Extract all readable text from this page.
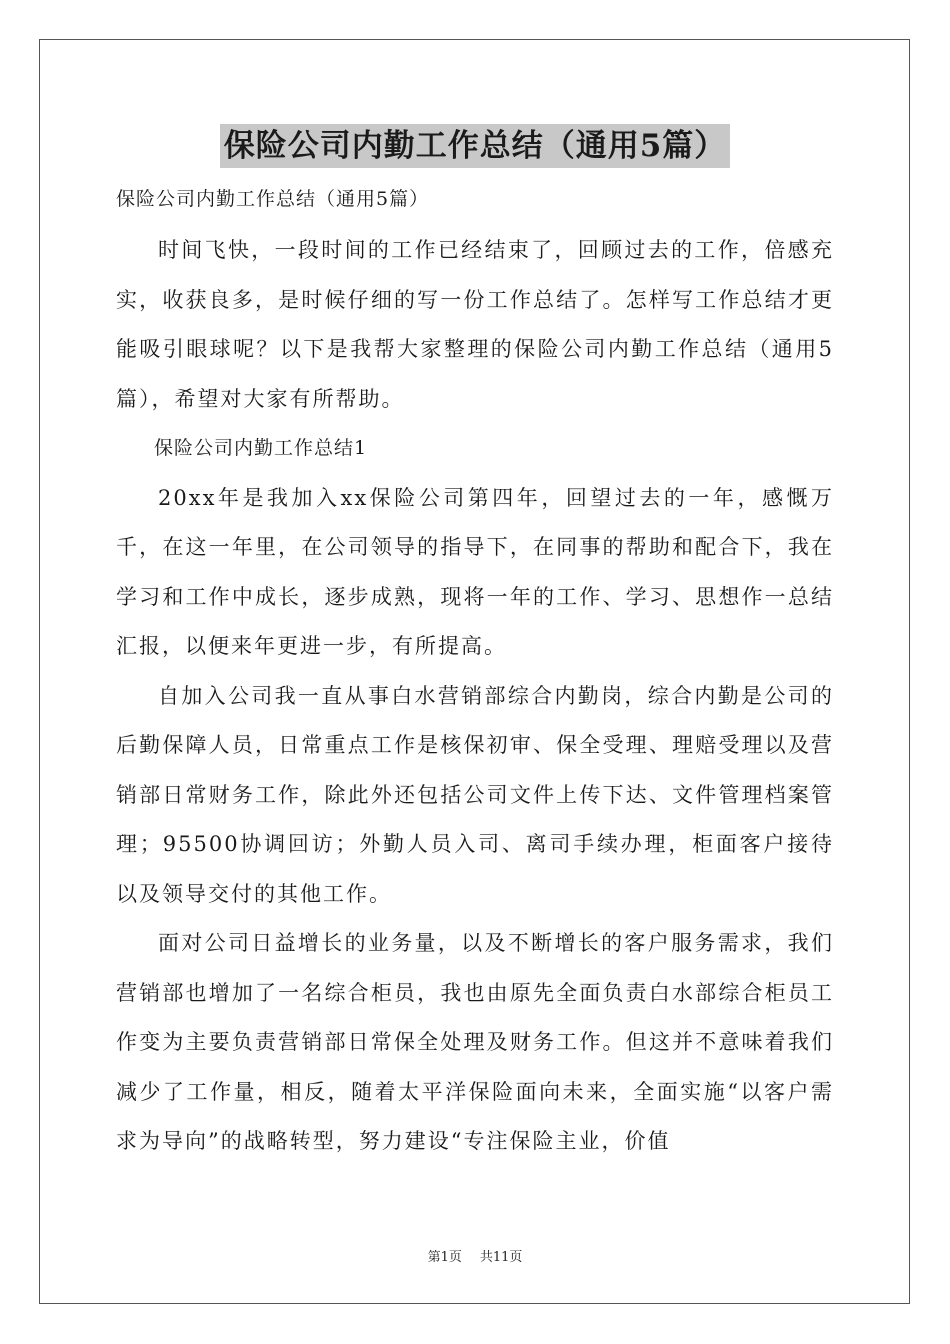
保险公司内勤工作总结（通用5篇）

保险公司内勤工作总结（通用5篇）

时间飞快，一段时间的工作已经结束了，回顾过去的工作，倍感充实，收获良多，是时候仔细的写一份工作总结了。怎样写工作总结才更能吸引眼球呢？以下是我帮大家整理的保险公司内勤工作总结（通用5篇），希望对大家有所帮助。

保险公司内勤工作总结1

20xx年是我加入xx保险公司第四年，回望过去的一年，感慨万千，在这一年里，在公司领导的指导下，在同事的帮助和配合下，我在学习和工作中成长，逐步成熟，现将一年的工作、学习、思想作一总结汇报，以便来年更进一步，有所提高。

自加入公司我一直从事白水营销部综合内勤岗，综合内勤是公司的后勤保障人员，日常重点工作是核保初审、保全受理、理赔受理以及营销部日常财务工作，除此外还包括公司文件上传下达、文件管理档案管理；95500协调回访；外勤人员入司、离司手续办理，柜面客户接待以及领导交付的其他工作。

面对公司日益增长的业务量，以及不断增长的客户服务需求，我们营销部也增加了一名综合柜员，我也由原先全面负责白水部综合柜员工作变为主要负责营销部日常保全处理及财务工作。但这并不意味着我们减少了工作量，相反，随着太平洋保险面向未来，全面实施“以客户需求为导向”的战略转型，努力建设“专注保险主业，价值

第1页 共11页
